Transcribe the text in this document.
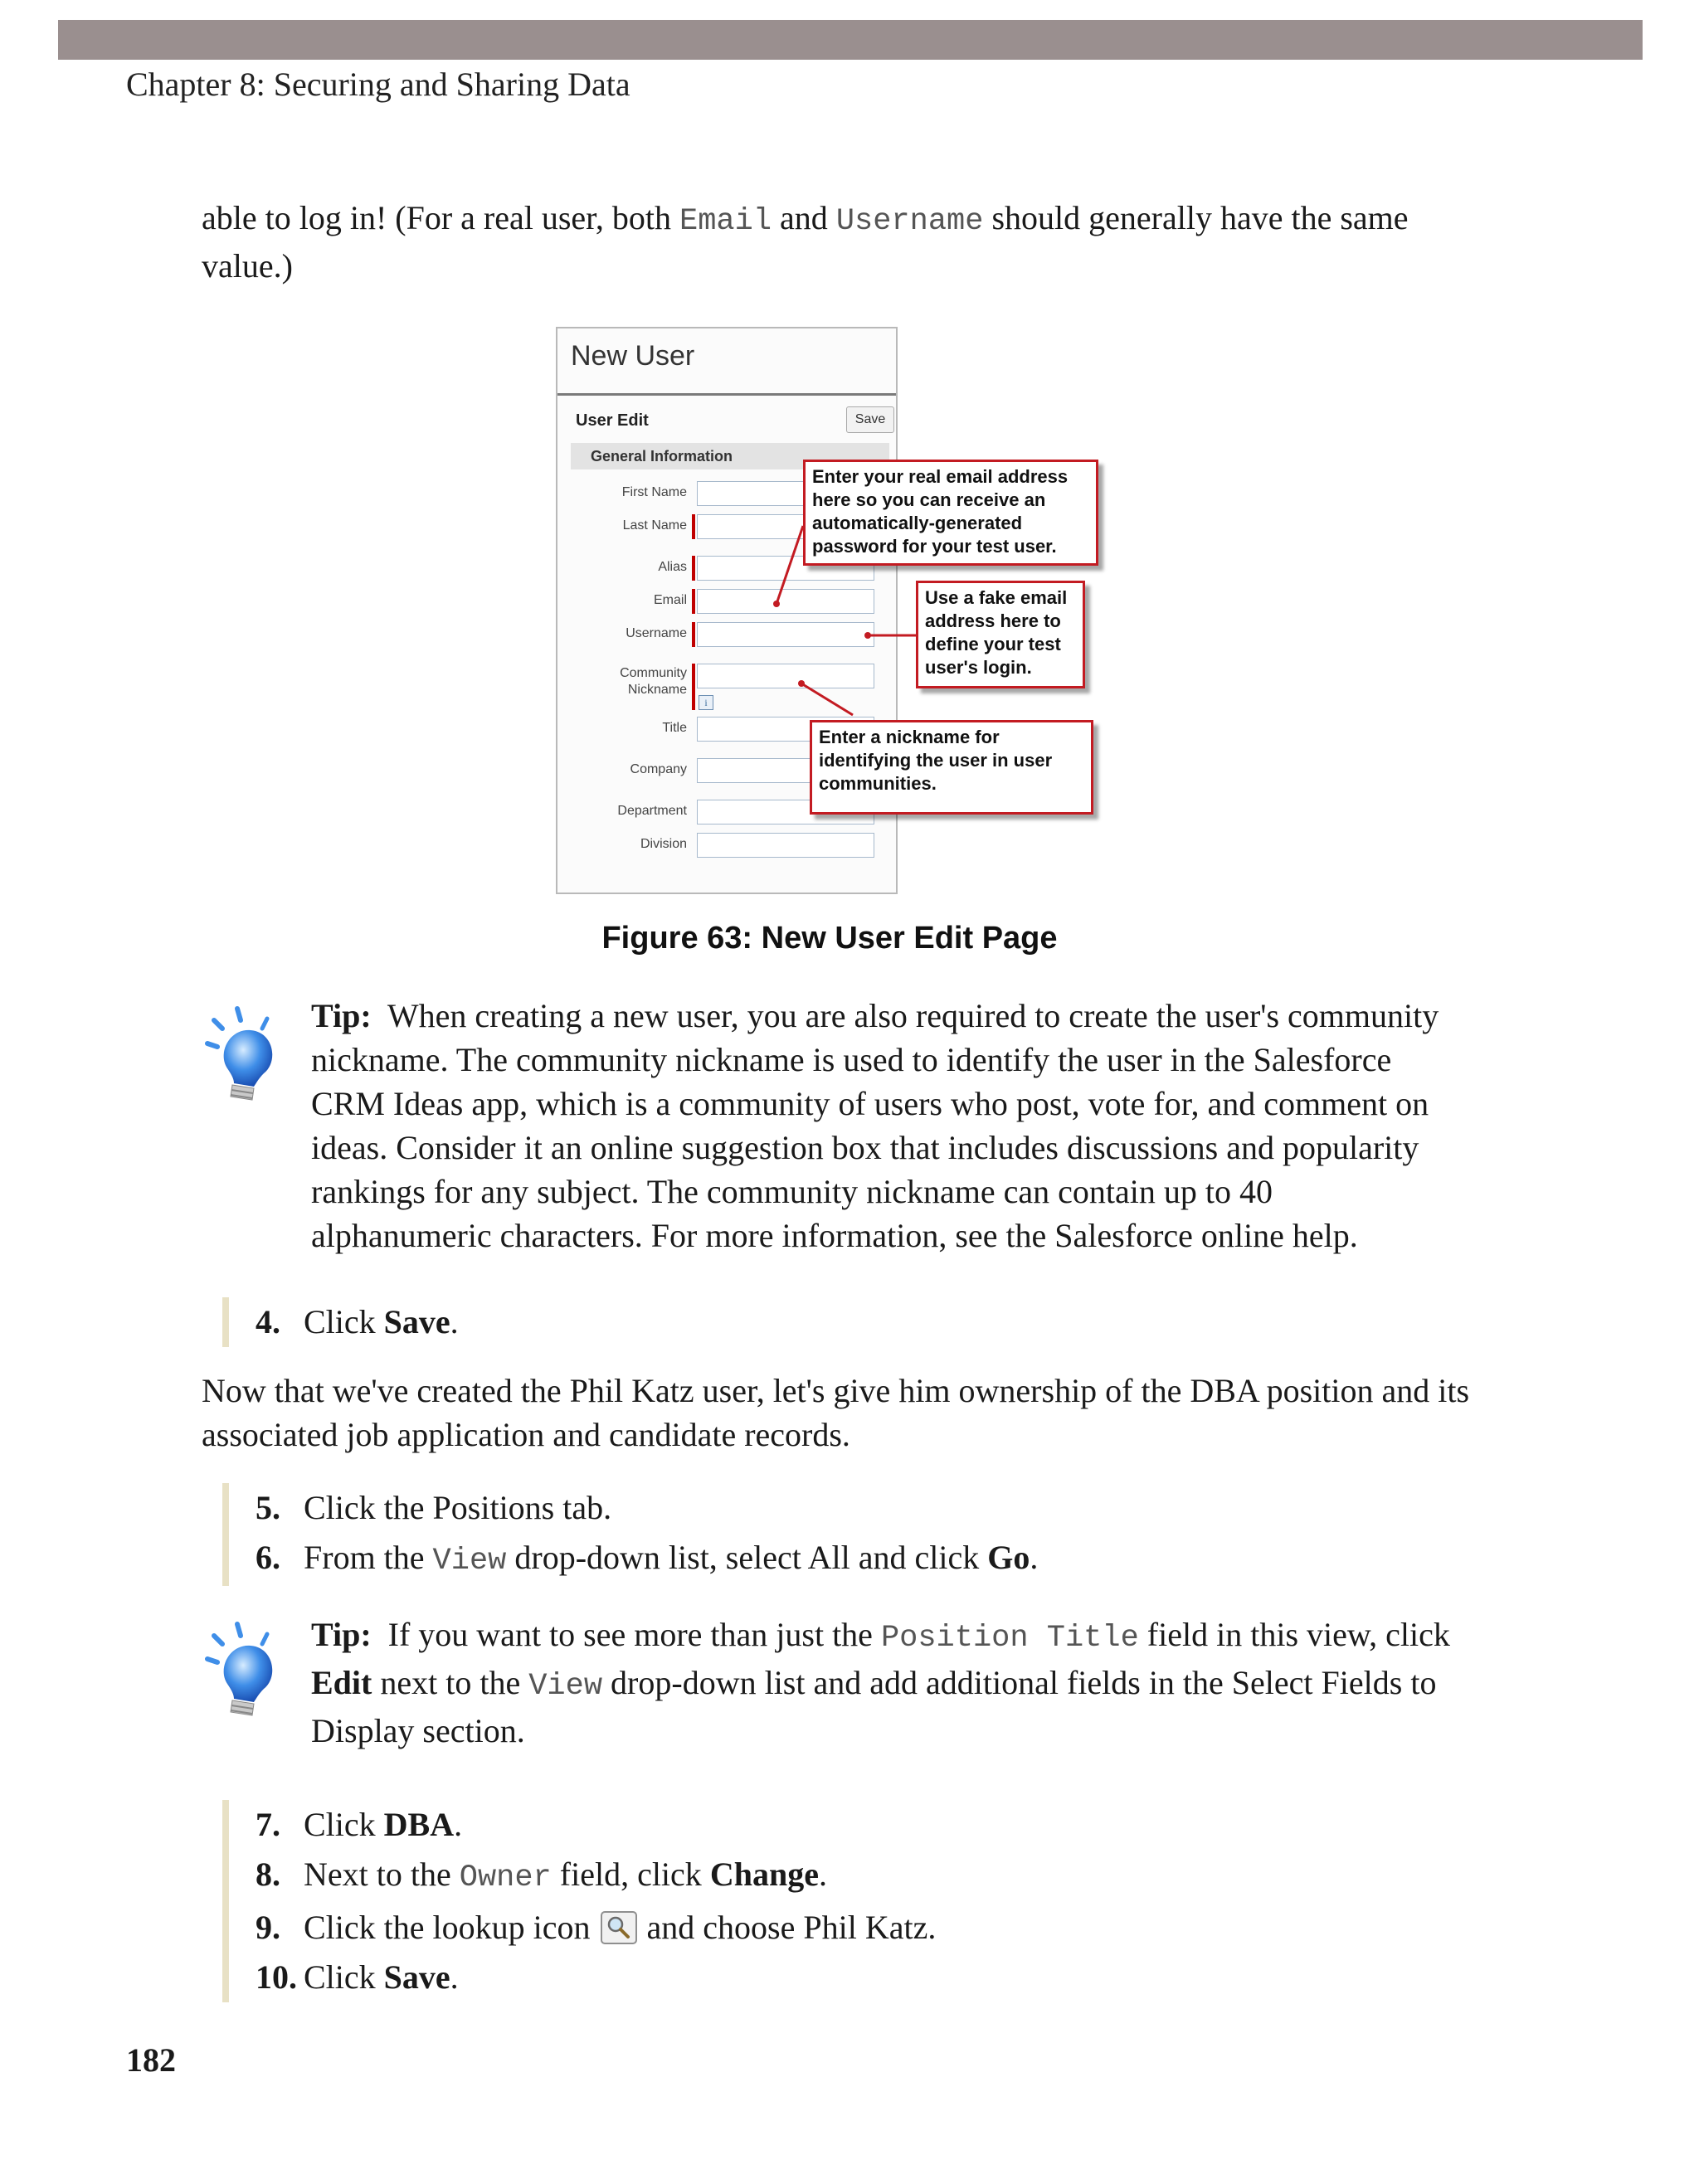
Chapter 8: Securing and Sharing Data
able to log in! (For a real user, both Email and Username should generally have the same value.)
New User
User Edit	Save
General Information
First Name
Last Name
Alias
Email
Username
Community
Nickname
i
Title
Company
Department
Division
Enter your real email address here so you can receive an automatically-generated password for your test user.
Use a fake email address here to define your test user's login.
Enter a nickname for identifying the user in user communities.
Figure 63: New User Edit Page
Tip: When creating a new user, you are also required to create the user's community nickname. The community nickname is used to identify the user in the Salesforce CRM Ideas app, which is a community of users who post, vote for, and comment on ideas. Consider it an online suggestion box that includes discussions and popularity rankings for any subject. The community nickname can contain up to 40 alphanumeric characters. For more information, see the Salesforce online help.
4. Click Save.
Now that we've created the Phil Katz user, let's give him ownership of the DBA position and its associated job application and candidate records.
5. Click the Positions tab.
6. From the View drop-down list, select All and click Go.
Tip: If you want to see more than just the Position Title field in this view, click Edit next to the View drop-down list and add additional fields in the Select Fields to Display section.
7. Click DBA.
8. Next to the Owner field, click Change.
9. Click the lookup icon  and choose Phil Katz.
10. Click Save.
182
